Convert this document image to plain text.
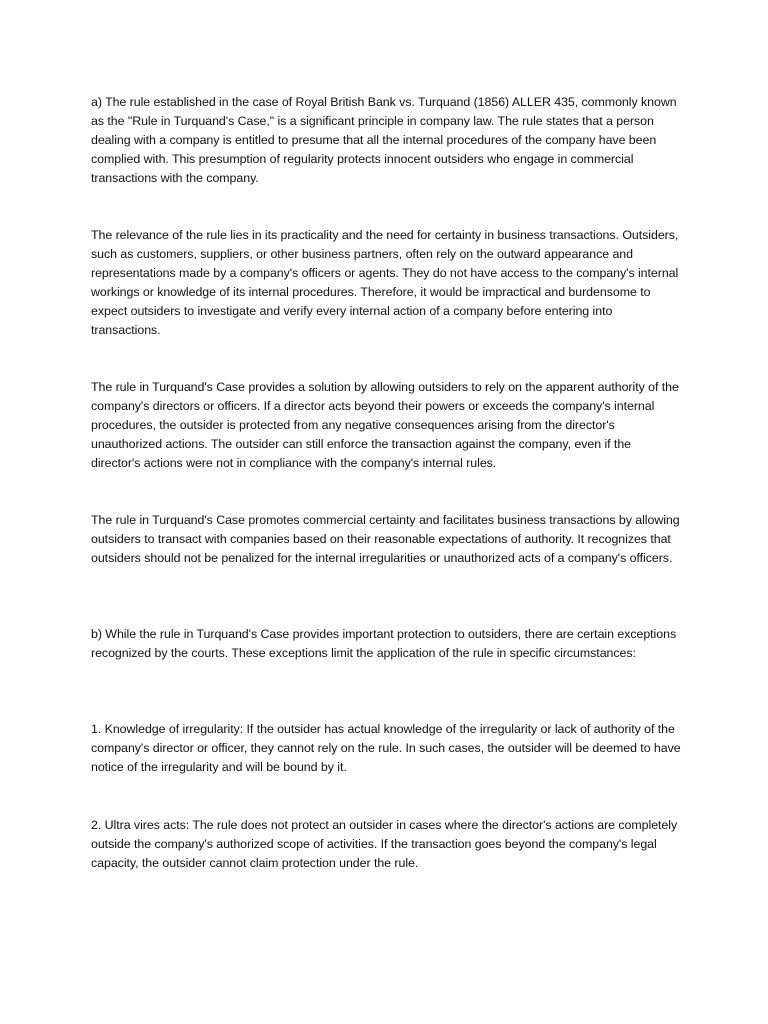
a) The rule established in the case of Royal British Bank vs. Turquand (1856) ALLER 435, commonly known as the "Rule in Turquand's Case," is a significant principle in company law. The rule states that a person dealing with a company is entitled to presume that all the internal procedures of the company have been complied with. This presumption of regularity protects innocent outsiders who engage in commercial transactions with the company.

The relevance of the rule lies in its practicality and the need for certainty in business transactions. Outsiders, such as customers, suppliers, or other business partners, often rely on the outward appearance and representations made by a company's officers or agents. They do not have access to the company's internal workings or knowledge of its internal procedures. Therefore, it would be impractical and burdensome to expect outsiders to investigate and verify every internal action of a company before entering into transactions.

The rule in Turquand's Case provides a solution by allowing outsiders to rely on the apparent authority of the company's directors or officers. If a director acts beyond their powers or exceeds the company's internal procedures, the outsider is protected from any negative consequences arising from the director's unauthorized actions. The outsider can still enforce the transaction against the company, even if the director's actions were not in compliance with the company's internal rules.

The rule in Turquand's Case promotes commercial certainty and facilitates business transactions by allowing outsiders to transact with companies based on their reasonable expectations of authority. It recognizes that outsiders should not be penalized for the internal irregularities or unauthorized acts of a company's officers.

b) While the rule in Turquand's Case provides important protection to outsiders, there are certain exceptions recognized by the courts. These exceptions limit the application of the rule in specific circumstances:

1. Knowledge of irregularity: If the outsider has actual knowledge of the irregularity or lack of authority of the company's director or officer, they cannot rely on the rule. In such cases, the outsider will be deemed to have notice of the irregularity and will be bound by it.

2. Ultra vires acts: The rule does not protect an outsider in cases where the director's actions are completely outside the company's authorized scope of activities. If the transaction goes beyond the company's legal capacity, the outsider cannot claim protection under the rule.
